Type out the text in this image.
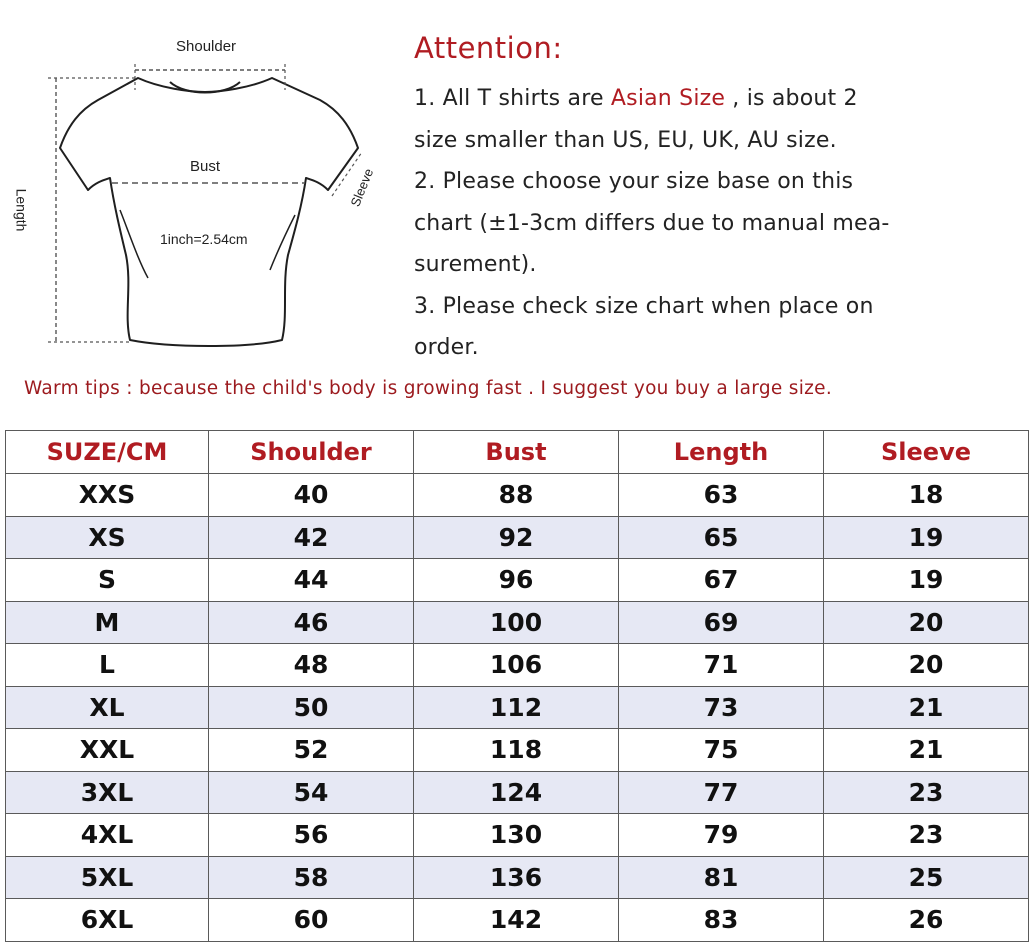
Shoulder
Bust
1inch=2.54cm
Length
Sleeve
Attention:
1. All T shirts are Asian Size , is about 2
size smaller than US, EU, UK, AU size.
2. Please choose your size base on this
chart (±1-3cm differs due to manual mea-
surement).
3. Please check size chart when place on
order.
Warm tips : because the child's body is growing fast . I suggest you buy a large size.
SUZE/CM	Shoulder	Bust	Length	Sleeve
XXS	40	88	63	18
XS	42	92	65	19
S	44	96	67	19
M	46	100	69	20
L	48	106	71	20
XL	50	112	73	21
XXL	52	118	75	21
3XL	54	124	77	23
4XL	56	130	79	23
5XL	58	136	81	25
6XL	60	142	83	26
